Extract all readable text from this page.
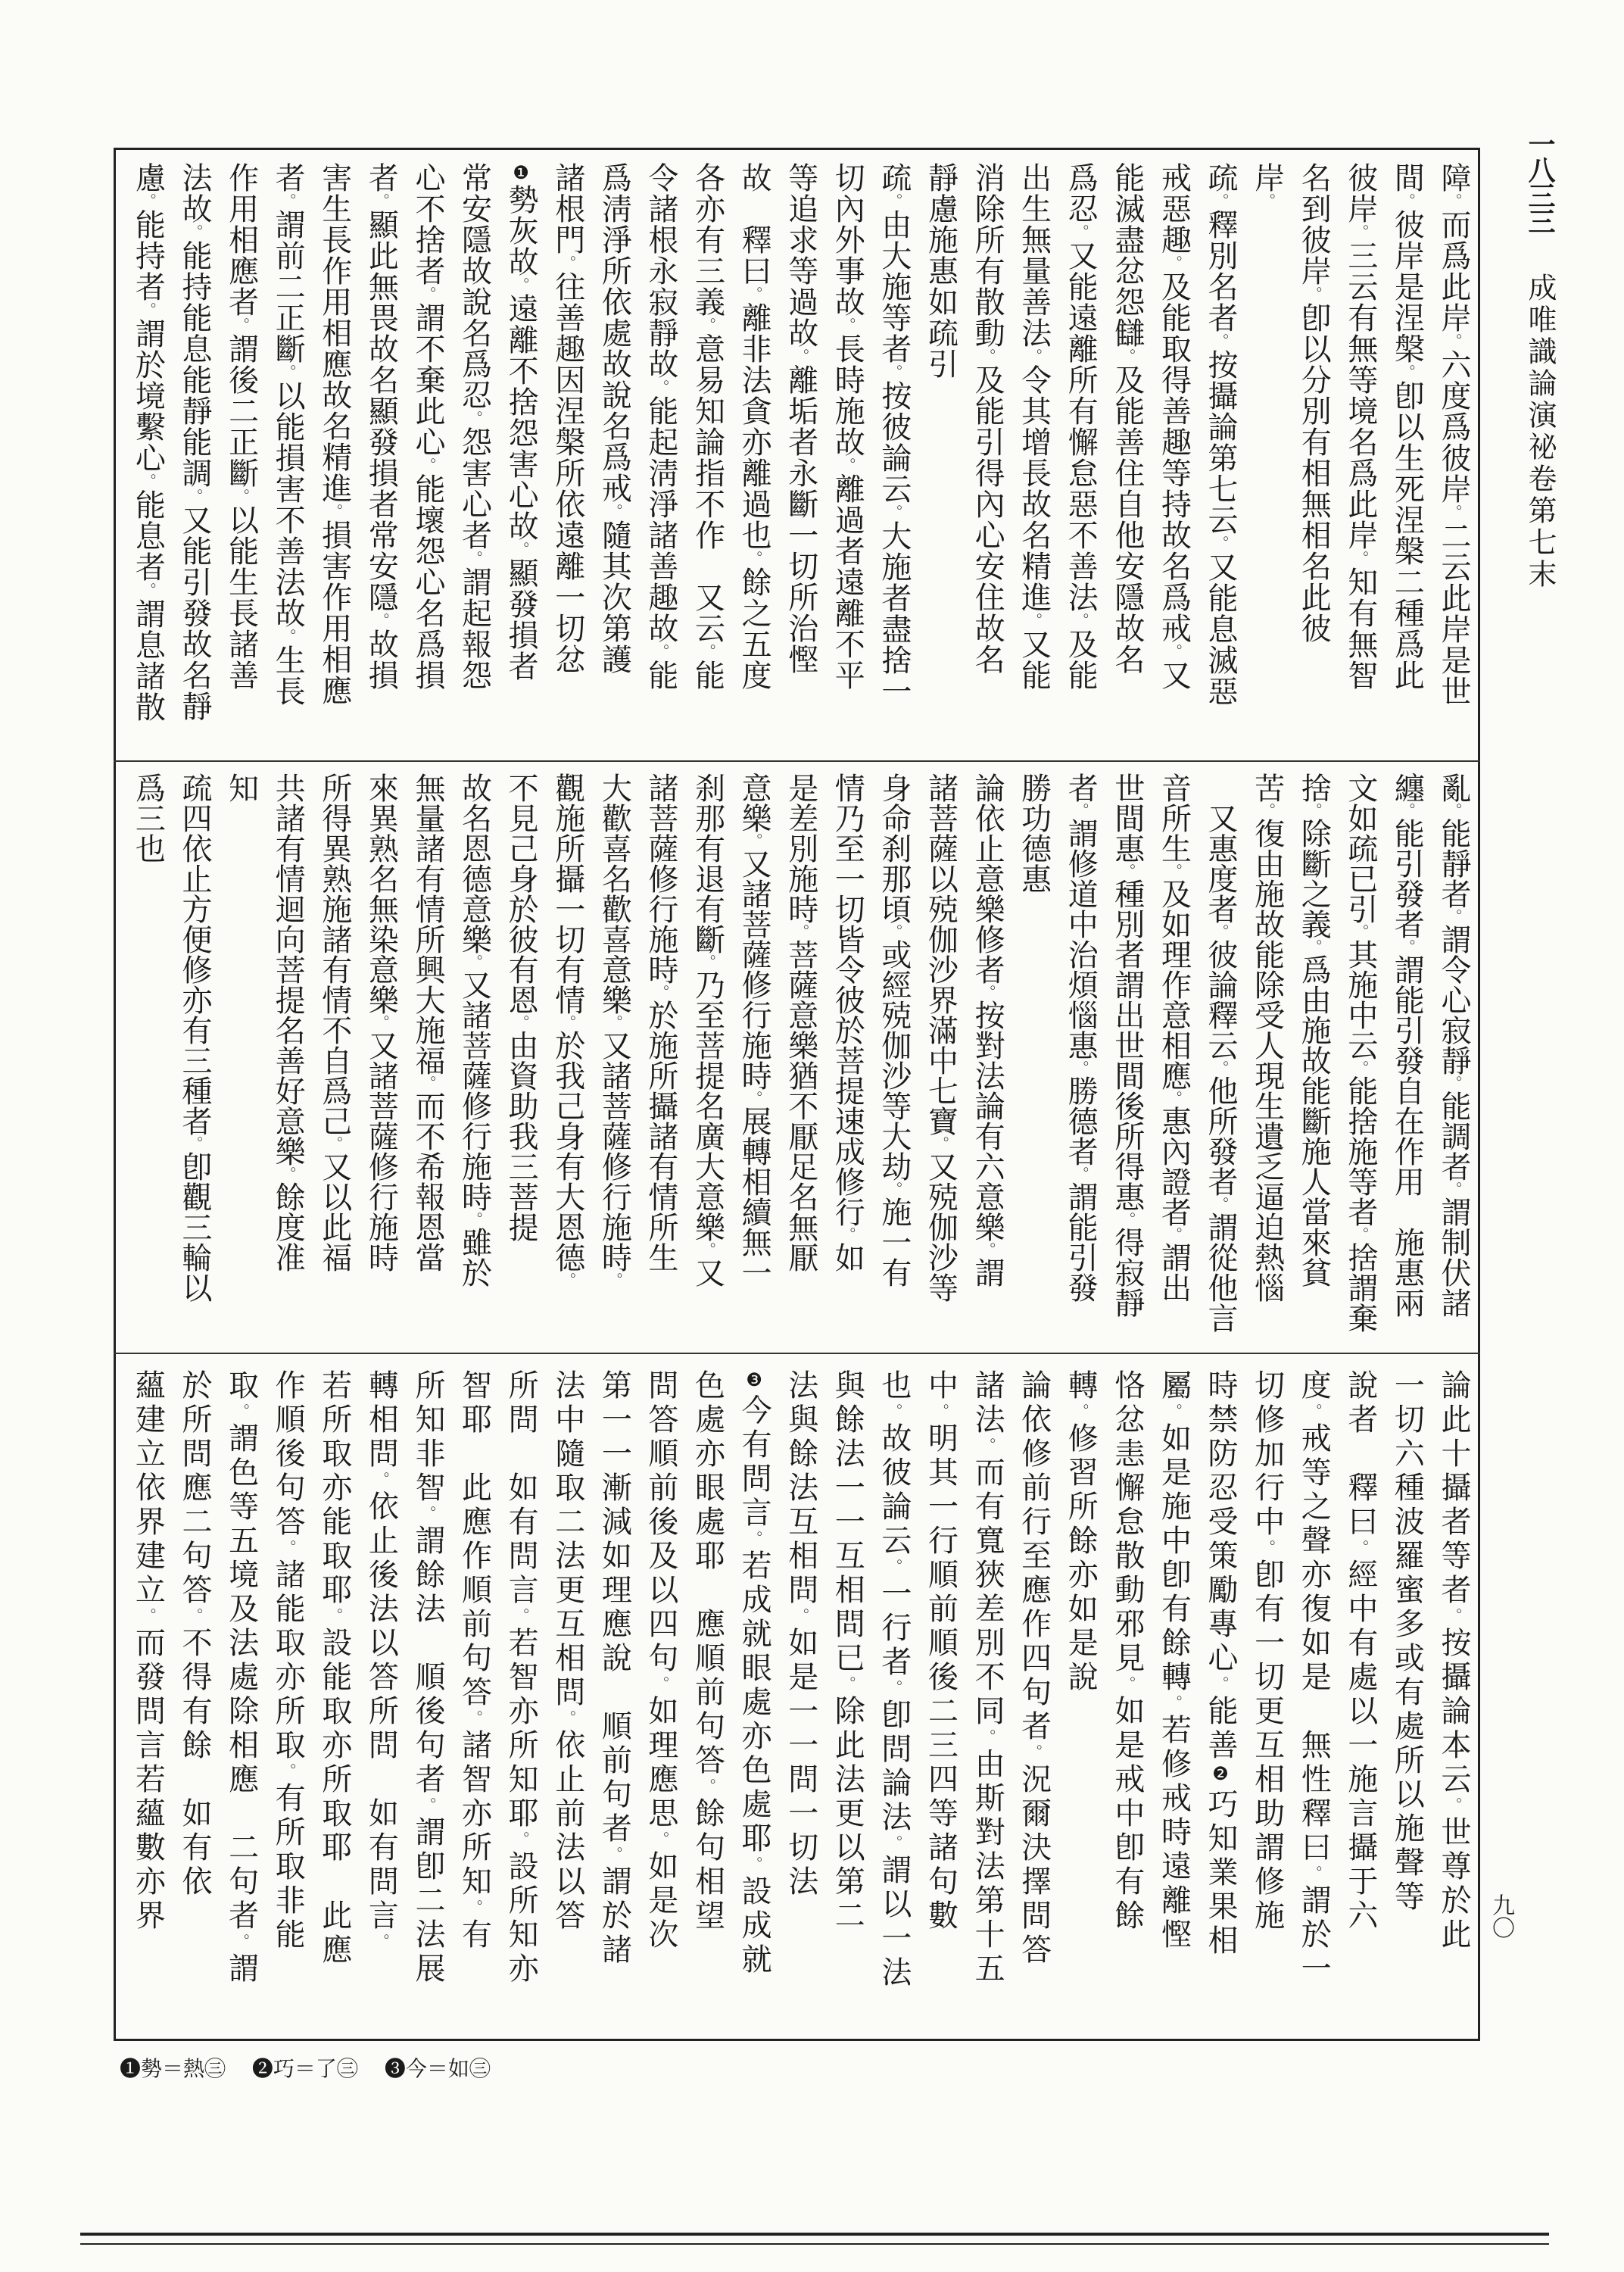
一八三三
成唯識論演祕卷第七末
九〇
障。而爲此岸。六度爲彼岸。二云此岸是世
間。彼岸是涅槃。卽以生死涅槃二種爲此
彼岸。三云有無等境名爲此岸。知有無智
名到彼岸。卽以分別有相無相名此彼
岸。
疏。釋別名者。按攝論第七云。又能息滅惡
戒惡趣。及能取得善趣等持故名爲戒。又
能滅盡忿怨讎。及能善住自他安隱故名
爲忍。又能遠離所有懈怠惡不善法。及能
出生無量善法。令其增長故名精進。又能
消除所有散動。及能引得內心安住故名
靜慮施惠如疏引
疏。由大施等者。按彼論云。大施者盡捨一
切內外事故。長時施故。離過者遠離不平
等追求等過故。離垢者永斷一切所治慳
故　釋曰。離非法貪亦離過也。餘之五度
各亦有三義。意易知論指不作　又云。能
令諸根永寂靜故。能起淸淨諸善趣故。能
爲淸淨所依處故說名爲戒。隨其次第護
諸根門。往善趣因涅槃所依遠離一切忿
❶勢灰故。遠離不捨怨害心故。顯發損者
常安隱故說名爲忍。怨害心者。謂起報怨
心不捨者。謂不棄此心。能壞怨心名爲損
者。顯此無畏故名顯發損者常安隱。故損
害生長作用相應故名精進。損害作用相應
者。謂前二正斷。以能損害不善法故。生長
作用相應者。謂後二正斷。以能生長諸善
法故。能持能息能靜能調。又能引發故名靜
慮。能持者。謂於境繫心。能息者。謂息諸散
亂。能靜者。謂令心寂靜。能調者。謂制伏諸
纏。能引發者。謂能引發自在作用　施惠兩
文如疏已引。其施中云。能捨施等者。捨謂棄
捨。除斷之義。爲由施故能斷施人當來貧
苦。復由施故能除受人現生遺乏逼迫熱惱
　又惠度者。彼論釋云。他所發者。謂從他言
音所生。及如理作意相應。惠內證者。謂出
世間惠。種別者謂出世間後所得惠。得寂靜
者。謂修道中治煩惱惠。勝德者。謂能引發
勝功德惠
論依止意樂修者。按對法論有六意樂。謂
諸菩薩以殑伽沙界滿中七寶。又殑伽沙等
身命刹那頃。或經殑伽沙等大劫。施一有
情乃至一切皆令彼於菩提速成修行。如
是差別施時。菩薩意樂猶不厭足名無厭
意樂。又諸菩薩修行施時。展轉相續無一
刹那有退有斷。乃至菩提名廣大意樂。又
諸菩薩修行施時。於施所攝諸有情所生
大歡喜名歡喜意樂。又諸菩薩修行施時。
觀施所攝一切有情。於我己身有大恩德。
不見己身於彼有恩。由資助我三菩提
故名恩德意樂。又諸菩薩修行施時。雖於
無量諸有情所興大施福。而不希報恩當
來異熟名無染意樂。又諸菩薩修行施時
所得異熟施諸有情不自爲己。又以此福
共諸有情迴向菩提名善好意樂。餘度准
知
疏四依止方便修亦有三種者。卽觀三輪以
爲三也
論此十攝者等者。按攝論本云。世尊於此
一切六種波羅蜜多或有處所以施聲等
說者　釋曰。經中有處以一施言攝于六
度。戒等之聲亦復如是　無性釋曰。謂於一
切修加行中。卽有一切更互相助謂修施
時禁防忍受策勵專心。能善❷巧知業果相
屬。如是施中卽有餘轉。若修戒時遠離慳
恪忿恚懈怠散動邪見。如是戒中卽有餘
轉。修習所餘亦如是說
論依修前行至應作四句者。況爾決擇問答
諸法。而有寬狹差別不同。由斯對法第十五
中。明其一行順前順後二三四等諸句數
也。故彼論云。一行者。卽問論法。謂以一法
與餘法一一互相問已。除此法更以第二
法與餘法互相問。如是一一問一切法
❸今有問言。若成就眼處亦色處耶。設成就
色處亦眼處耶　應順前句答。餘句相望
問答順前後及以四句。如理應思。如是次
第一一漸減如理應說　順前句者。謂於諸
法中隨取二法更互相問。依止前法以答
所問　如有問言。若智亦所知耶。設所知亦
智耶　此應作順前句答。諸智亦所知。有
所知非智。謂餘法　順後句者。謂卽二法展
轉相問。依止後法以答所問　如有問言。
若所取亦能取耶。設能取亦所取耶　此應
作順後句答。諸能取亦所取。有所取非能
取。謂色等五境及法處除相應　二句者。謂
於所問應二句答。不得有餘　如有依
蘊建立依界建立。而發問言若蘊數亦界
❶勢＝熱㊂ ❷巧＝了㊂ ❸今＝如㊂
